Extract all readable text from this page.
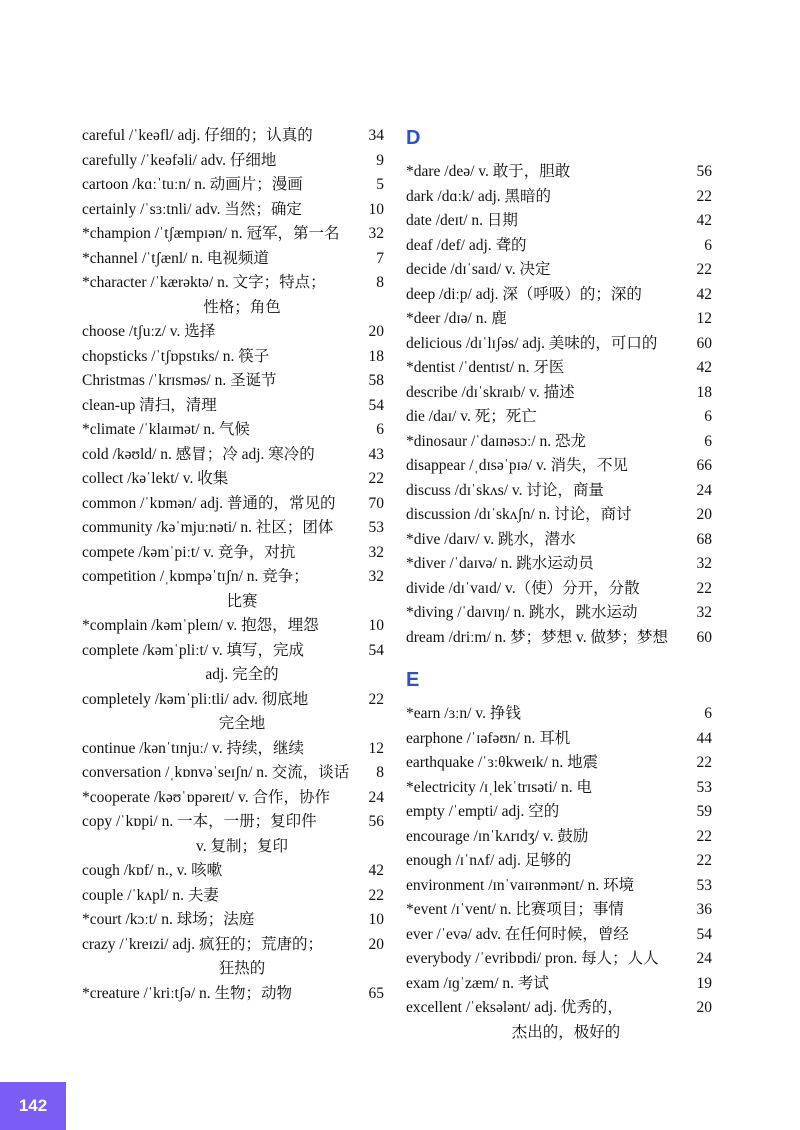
careful /ˈkeəfl/ adj. 仔细的；认真的	34
carefully /ˈkeəfəli/ adv. 仔细地	9
cartoon /kɑːˈtuːn/ n. 动画片；漫画	5
certainly /ˈsɜːtnli/ adv. 当然；确定	10
*champion /ˈtʃæmpɪən/ n. 冠军，第一名	32
*channel /ˈtʃænl/ n. 电视频道	7
*character /ˈkærəktə/ n. 文字；特点；	8
性格；角色
choose /tʃuːz/ v. 选择	20
chopsticks /ˈtʃɒpstɪks/ n. 筷子	18
Christmas /ˈkrɪsməs/ n. 圣诞节	58
clean-up 清扫，清理	54
*climate /ˈklaɪmət/ n. 气候	6
cold /kəʊld/ n. 感冒；冷 adj. 寒冷的	43
collect /kəˈlekt/ v. 收集	22
common /ˈkɒmən/ adj. 普通的，常见的	70
community /kəˈmjuːnəti/ n. 社区；团体	53
compete /kəmˈpiːt/ v. 竞争，对抗	32
competition /ˌkɒmpəˈtɪʃn/ n. 竞争；	32
比赛
*complain /kəmˈpleɪn/ v. 抱怨，埋怨	10
complete /kəmˈpliːt/ v. 填写，完成	54
adj. 完全的
completely /kəmˈpliːtli/ adv. 彻底地	22
完全地
continue /kənˈtɪnjuː/ v. 持续，继续	12
conversation /ˌkɒnvəˈseɪʃn/ n. 交流，谈话	8
*cooperate /kəʊˈɒpəreɪt/ v. 合作，协作	24
copy /ˈkɒpi/ n. 一本，一册；复印件	56
v. 复制；复印
cough /kɒf/ n., v. 咳嗽	42
couple /ˈkʌpl/ n. 夫妻	22
*court /kɔːt/ n. 球场；法庭	10
crazy /ˈkreɪzi/ adj. 疯狂的；荒唐的；	20
狂热的
*creature /ˈkriːtʃə/ n. 生物；动物	65
D
*dare /deə/ v. 敢于，胆敢	56
dark /dɑːk/ adj. 黑暗的	22
date /deɪt/ n. 日期	42
deaf /def/ adj. 聋的	6
decide /dɪˈsaɪd/ v. 决定	22
deep /diːp/ adj. 深（呼吸）的；深的	42
*deer /dɪə/ n. 鹿	12
delicious /dɪˈlɪʃəs/ adj. 美味的，可口的	60
*dentist /ˈdentɪst/ n. 牙医	42
describe /dɪˈskraɪb/ v. 描述	18
die /daɪ/ v. 死；死亡	6
*dinosaur /ˈdaɪnəsɔː/ n. 恐龙	6
disappear /ˌdɪsəˈpɪə/ v. 消失，不见	66
discuss /dɪˈskʌs/ v. 讨论，商量	24
discussion /dɪˈskʌʃn/ n. 讨论，商讨	20
*dive /daɪv/ v. 跳水，潜水	68
*diver /ˈdaɪvə/ n. 跳水运动员	32
divide /dɪˈvaɪd/ v.（使）分开，分散	22
*diving /ˈdaɪvɪŋ/ n. 跳水，跳水运动	32
dream /driːm/ n. 梦；梦想 v. 做梦；梦想	60
E
*earn /ɜːn/ v. 挣钱	6
earphone /ˈɪəfəʊn/ n. 耳机	44
earthquake /ˈɜːθkweɪk/ n. 地震	22
*electricity /ɪˌlekˈtrɪsəti/ n. 电	53
empty /ˈempti/ adj. 空的	59
encourage /ɪnˈkʌrɪdʒ/ v. 鼓励	22
enough /ɪˈnʌf/ adj. 足够的	22
environment /ɪnˈvaɪrənmənt/ n. 环境	53
*event /ɪˈvent/ n. 比赛项目；事情	36
ever /ˈevə/ adv. 在任何时候，曾经	54
everybody /ˈevribɒdi/ pron. 每人；人人	24
exam /ɪɡˈzæm/ n. 考试	19
excellent /ˈeksələnt/ adj. 优秀的，	20
杰出的，极好的
142
